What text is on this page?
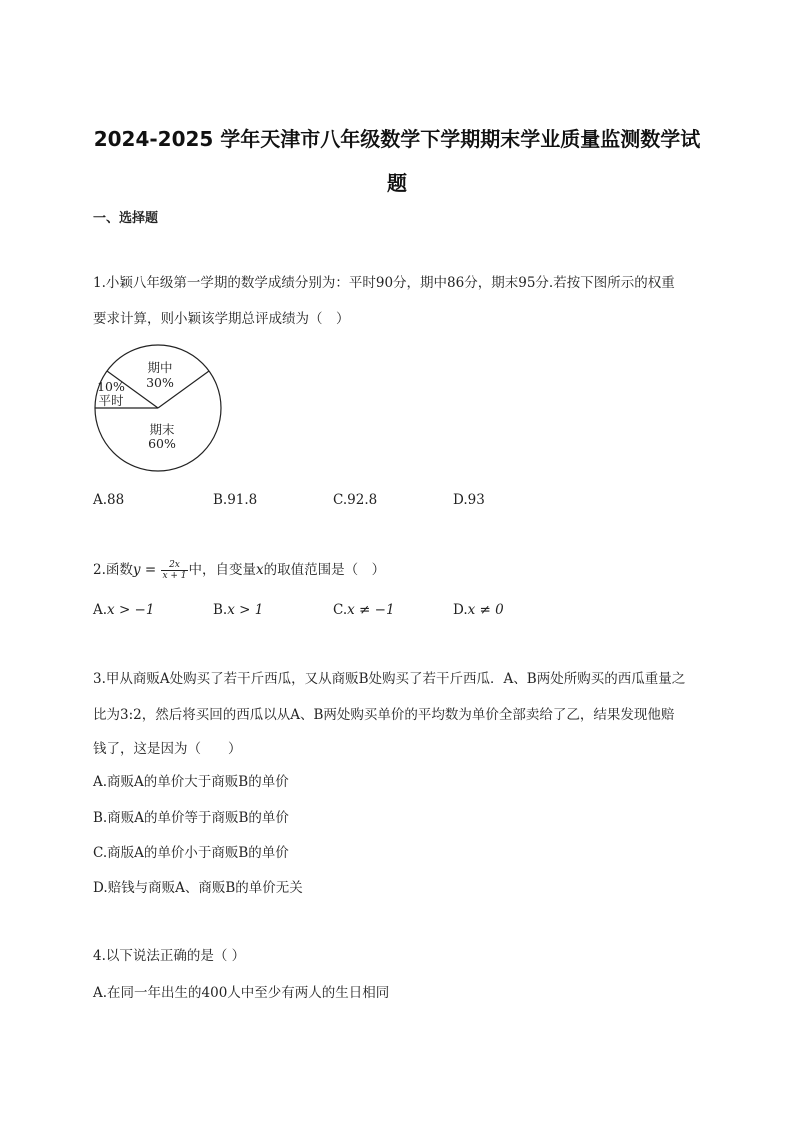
2024-2025 学年天津市八年级数学下学期期末学业质量监测数学试
题
一、选择题
1.小颖八年级第一学期的数学成绩分别为：平时90分，期中86分，期末95分.若按下图所示的权重
要求计算，则小颖该学期总评成绩为（　）
期中
30%
10%
平时
期末
60%
A.88	B.91.8	C.92.8	D.93
2.函数$y = \frac{2x}{x + 1}$ 中，自变量x的取值范围是（　）
A.x > −1	B.x > 1	C.x ≠ −1	D.x ≠ 0
3.甲从商贩A处购买了若干斤西瓜，又从商贩B处购买了若干斤西瓜．A、B两处所购买的西瓜重量之
比为3:2，然后将买回的西瓜以从A、B两处购买单价的平均数为单价全部卖给了乙，结果发现他赔
钱了，这是因为（　　）
A.商贩A的单价大于商贩B的单价
B.商贩A的单价等于商贩B的单价
C.商版A的单价小于商贩B的单价
D.赔钱与商贩A、商贩B的单价无关
4.以下说法正确的是（ ）
A.在同一年出生的400人中至少有两人的生日相同
